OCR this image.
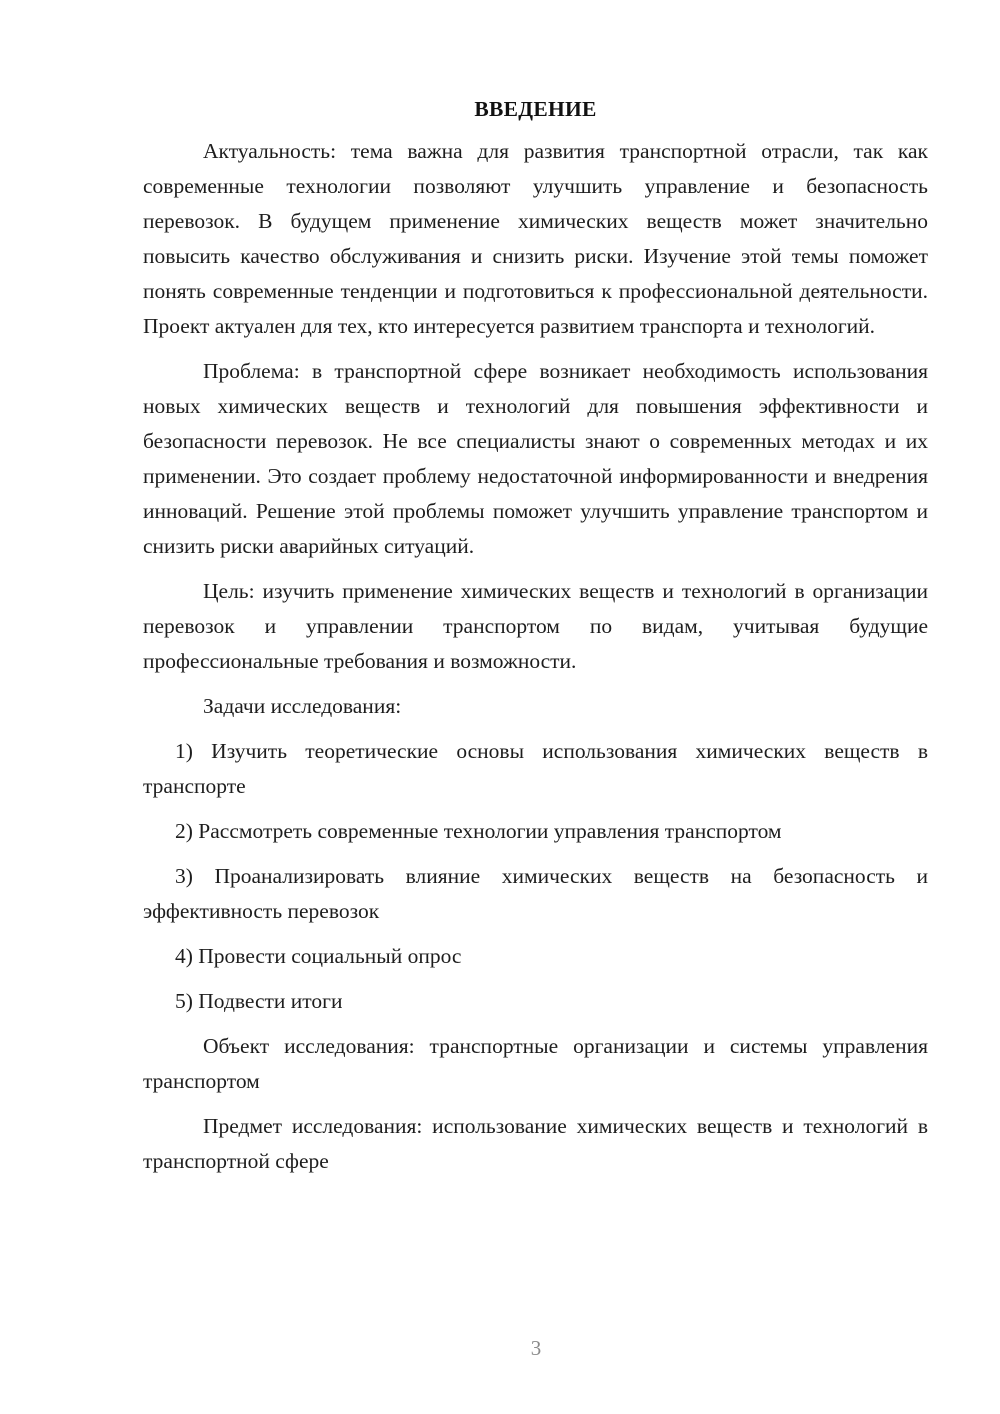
ВВЕДЕНИЕ

Актуальность: тема важна для развития транспортной отрасли, так как современные технологии позволяют улучшить управление и безопасность перевозок. В будущем применение химических веществ может значительно повысить качество обслуживания и снизить риски. Изучение этой темы поможет понять современные тенденции и подготовиться к профессиональной деятельности. Проект актуален для тех, кто интересуется развитием транспорта и технологий.

Проблема: в транспортной сфере возникает необходимость использования новых химических веществ и технологий для повышения эффективности и безопасности перевозок. Не все специалисты знают о современных методах и их применении. Это создает проблему недостаточной информированности и внедрения инноваций. Решение этой проблемы поможет улучшить управление транспортом и снизить риски аварийных ситуаций.

Цель: изучить применение химических веществ и технологий в организации перевозок и управлении транспортом по видам, учитывая будущие профессиональные требования и возможности.

Задачи исследования:

1) Изучить теоретические основы использования химических веществ в транспорте

2) Рассмотреть современные технологии управления транспортом

3) Проанализировать влияние химических веществ на безопасность и эффективность перевозок

4) Провести социальный опрос

5) Подвести итоги

Объект исследования: транспортные организации и системы управления транспортом

Предмет исследования: использование химических веществ и технологий в транспортной сфере

3
